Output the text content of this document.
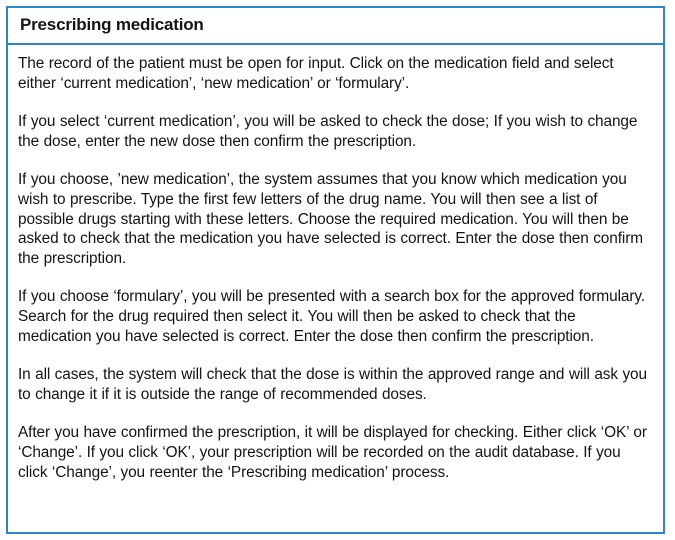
Prescribing medication

The record of the patient must be open for input. Click on the medication field and select either ‘current medication’, ‘new medication’ or ‘formulary’.

If you select ‘current medication’, you will be asked to check the dose; If you wish to change the dose, enter the new dose then confirm the prescription.

If you choose, ’new medication’, the system assumes that you know which medication you wish to prescribe. Type the first few letters of the drug name. You will then see a list of possible drugs starting with these letters. Choose the required medication. You will then be asked to check that the medication you have selected is correct. Enter the dose then confirm the prescription.

If you choose ‘formulary’, you will be presented with a search box for the approved formulary. Search for the drug required then select it. You will then be asked to check that the medication you have selected is correct. Enter the dose then confirm the prescription.

In all cases, the system will check that the dose is within the approved range and will ask you to change it if it is outside the range of recommended doses.

After you have confirmed the prescription, it will be displayed for checking. Either click ‘OK’ or ‘Change’. If you click ‘OK’, your prescription will be recorded on the audit database. If you click ‘Change’, you reenter the ‘Prescribing medication’ process.
